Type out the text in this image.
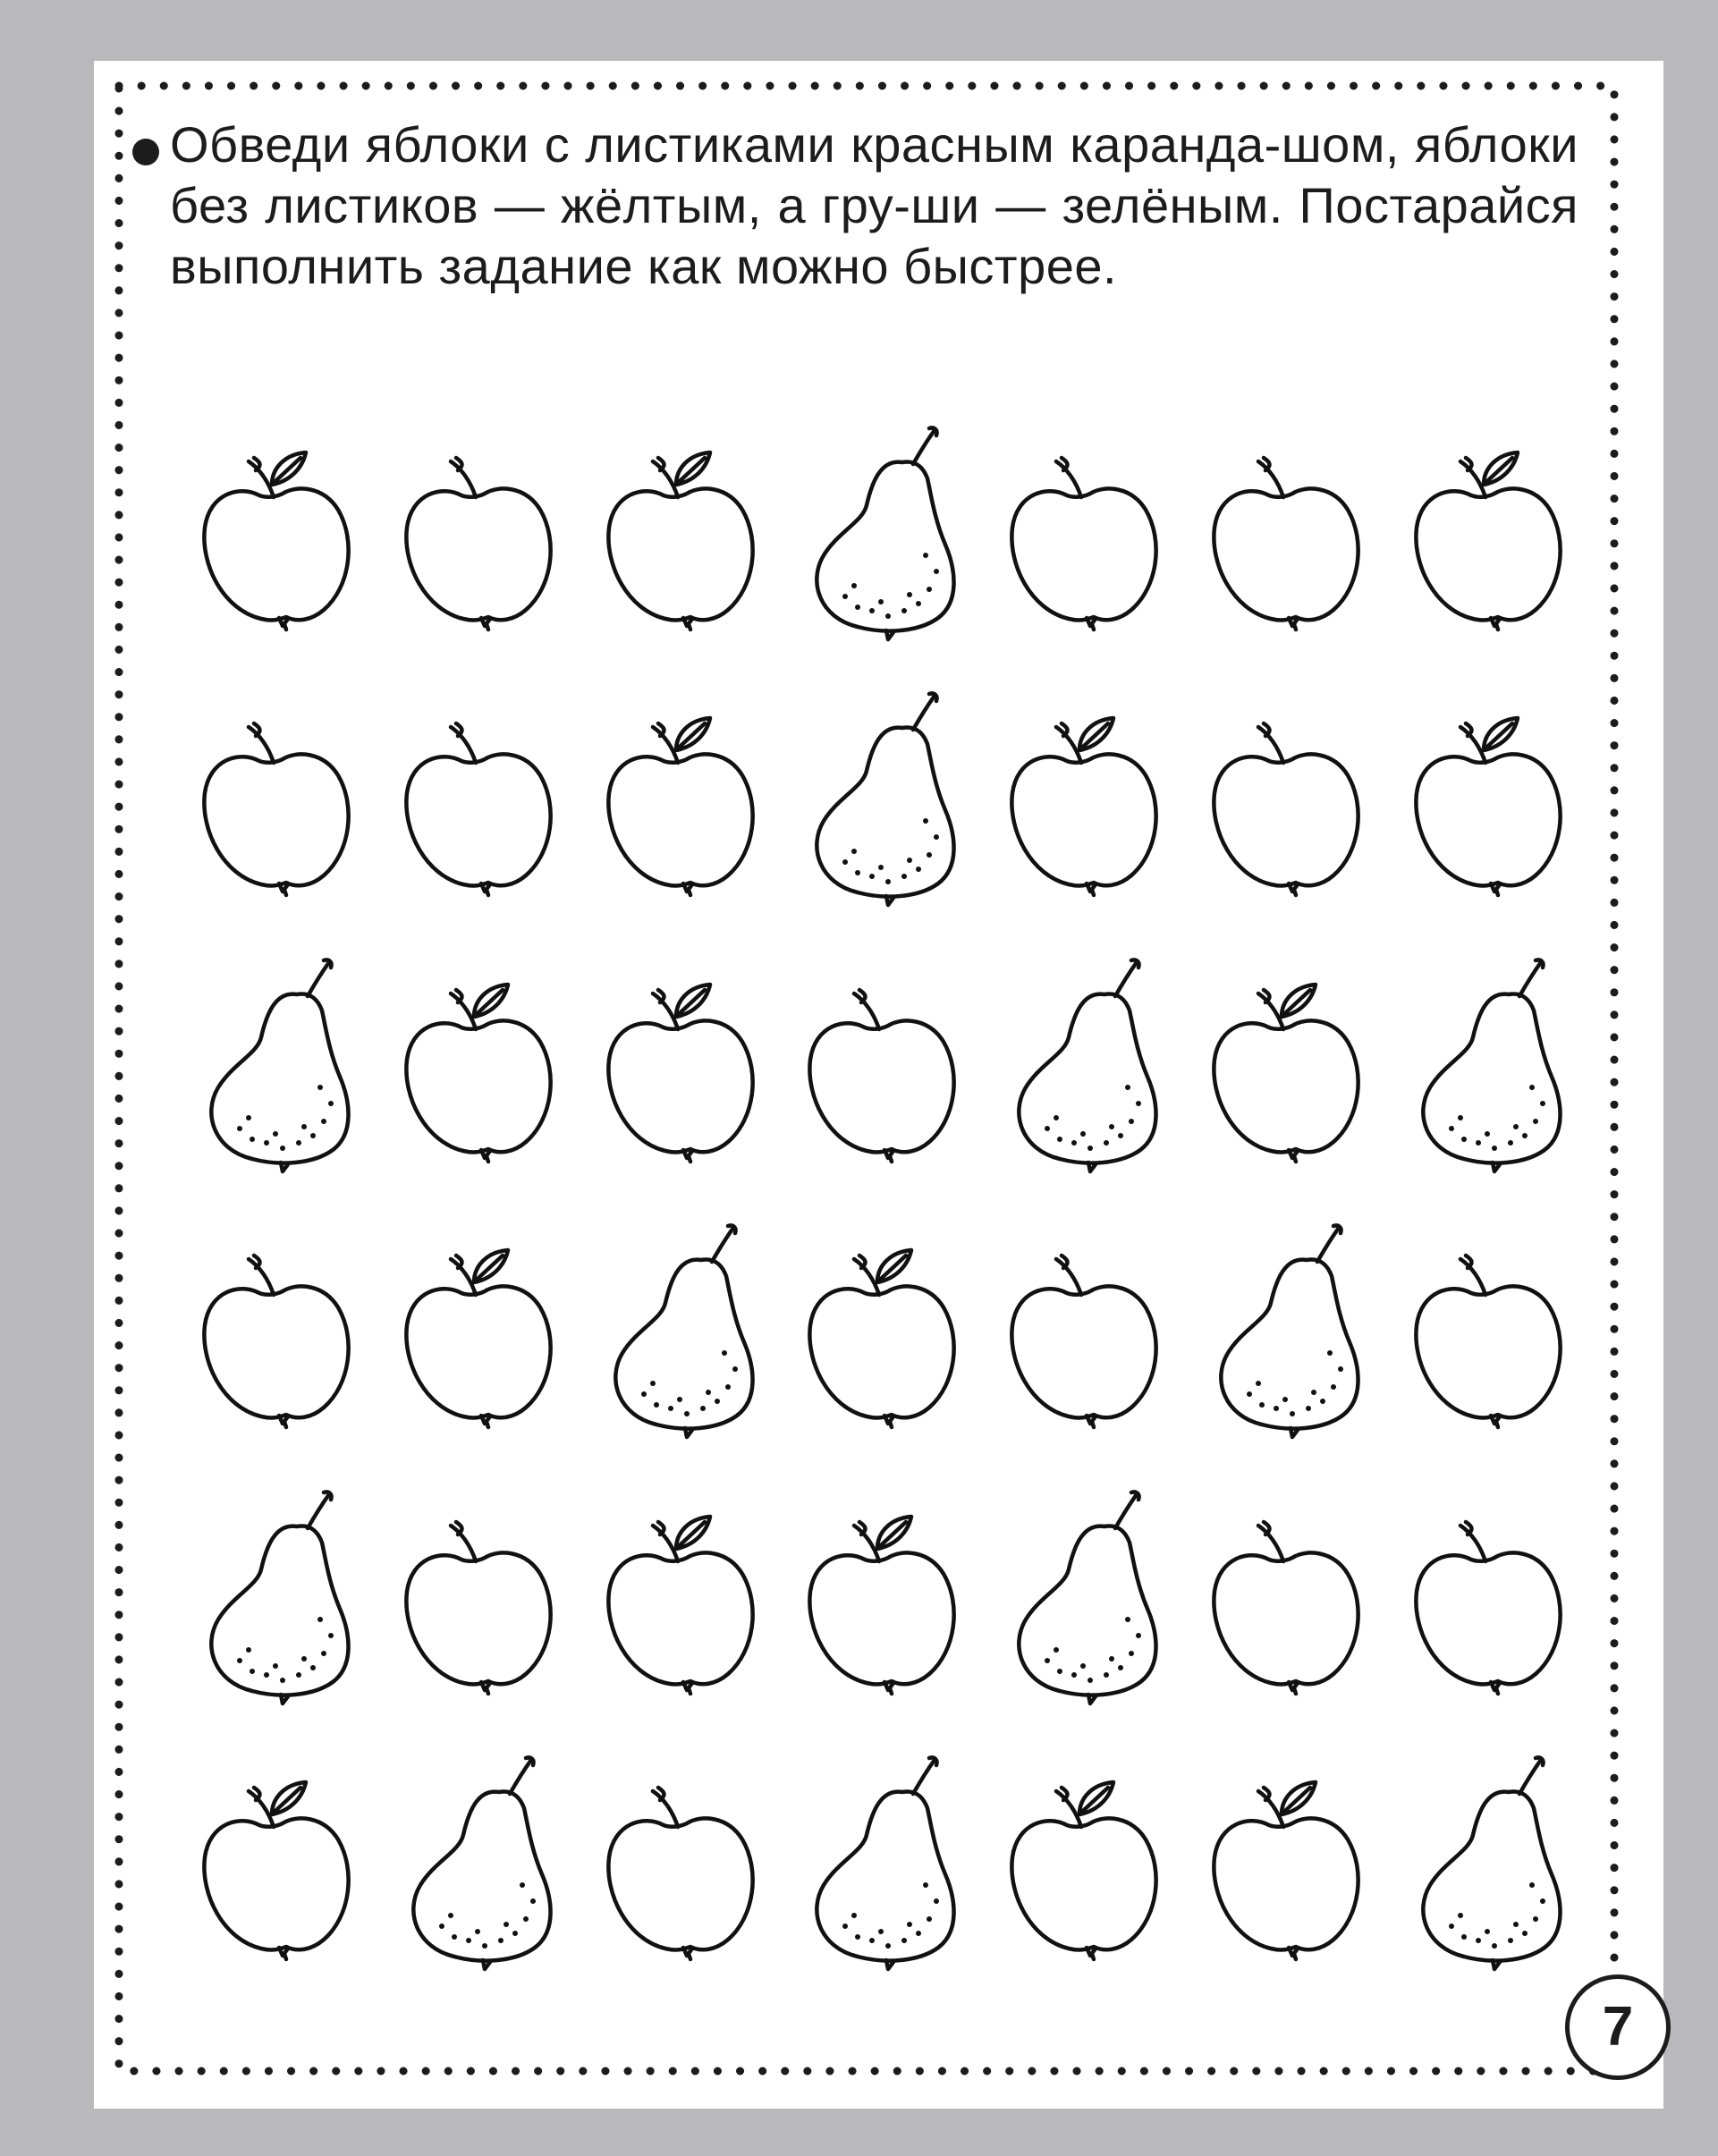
Обведи яблоки с листиками красным каранда-шом, яблоки без листиков — жёлтым, а гру-ши — зелёным. Постарайся выполнить задание как можно быстрее.

7
